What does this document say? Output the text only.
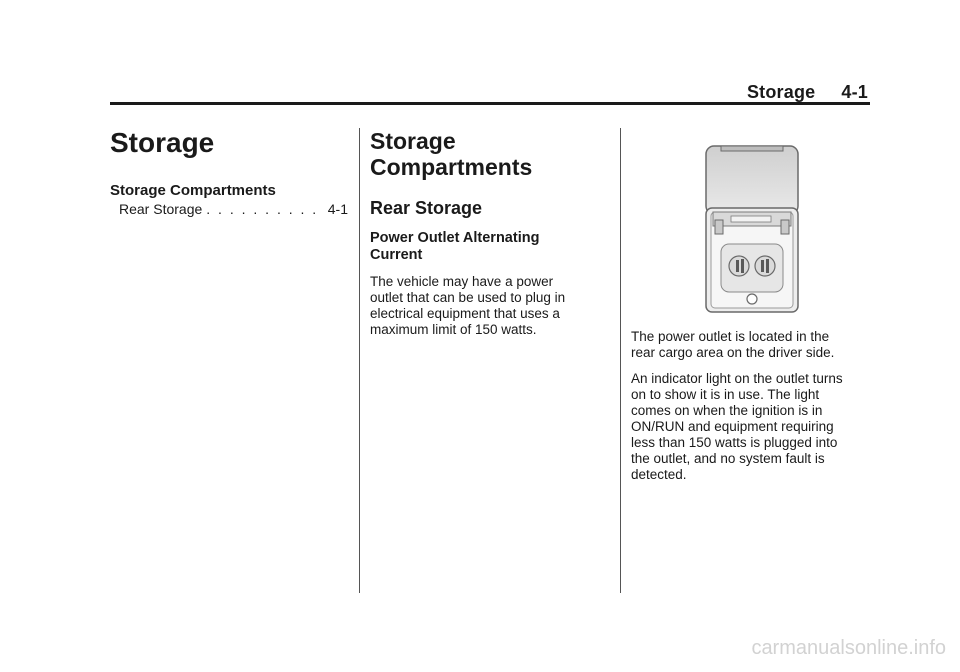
Storage 4-1
Storage
Storage Compartments
Rear Storage
. . .	4-1
Storage
Compartments
Rear Storage
Power Outlet Alternating
Current

The vehicle may have a power
outlet that can be used to plug in
electrical equipment that uses a
maximum limit of 150 watts.	The power outlet is located in the
rear cargo area on the driver side.

An indicator light on the outlet turns
on to show it is in use. The light
comes on when the ignition is in
ON/RUN and equipment requiring
less than 150 watts is plugged into
the outlet, and no system fault is
detected.

carmanualsonline.info
